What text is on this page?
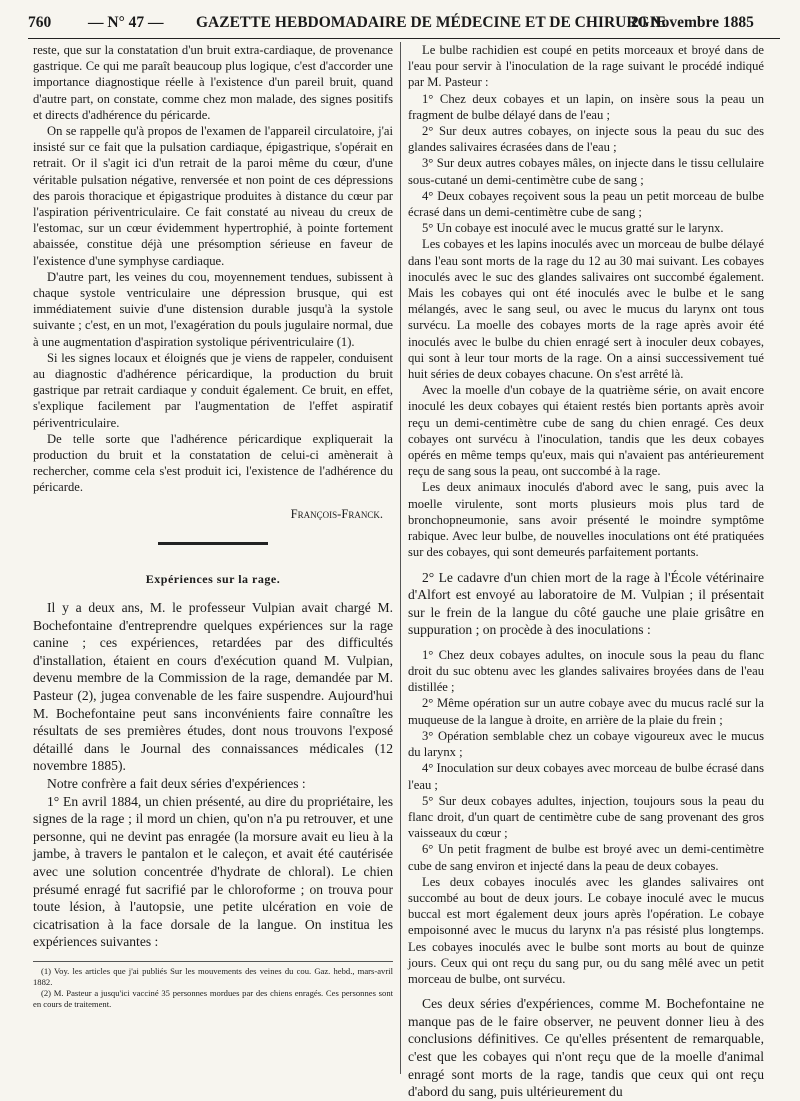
760 — N° 47 — GAZETTE HEBDOMADAIRE DE MÉDECINE ET DE CHIRURGIE
20 Novembre 1885

reste, que sur la constatation d'un bruit extra-cardiaque, de provenance gastrique. Ce qui me paraît beaucoup plus logique, c'est d'accorder une importance diagnostique réelle à l'existence d'un pareil bruit, quand d'autre part, on constate, comme chez mon malade, des signes positifs et directs d'adhérence du péricarde.

On se rappelle qu'à propos de l'examen de l'appareil circulatoire, j'ai insisté sur ce fait que la pulsation cardiaque, épigastrique, s'opérait en retrait. Or il s'agit ici d'un retrait de la paroi même du cœur, d'une véritable pulsation négative, renversée et non point de ces dépressions des parois thoracique et épigastrique produites à distance du cœur par l'aspiration périventriculaire. Ce fait constaté au niveau du creux de l'estomac, sur un cœur évidemment hypertrophié, à pointe fortement abaissée, constitue déjà une présomption sérieuse en faveur de l'existence d'une symphyse cardiaque.

D'autre part, les veines du cou, moyennement tendues, subissent à chaque systole ventriculaire une dépression brusque, qui est immédiatement suivie d'une distension durable jusqu'à la systole suivante ; c'est, en un mot, l'exagération du pouls jugulaire normal, due à une augmentation d'aspiration systolique périventriculaire (1).

Si les signes locaux et éloignés que je viens de rappeler, conduisent au diagnostic d'adhérence péricardique, la production du bruit gastrique par retrait cardiaque y conduit également. Ce bruit, en effet, s'explique facilement par l'augmentation de l'effet aspiratif périventriculaire.

De telle sorte que l'adhérence péricardique expliquerait la production du bruit et la constatation de celui-ci amènerait à rechercher, comme cela s'est produit ici, l'existence de l'adhérence du péricarde.

François-Franck.

Expériences sur la rage.

Il y a deux ans, M. le professeur Vulpian avait chargé M. Bochefontaine d'entreprendre quelques expériences sur la rage canine ; ces expériences, retardées par des difficultés d'installation, étaient en cours d'exécution quand M. Vulpian, devenu membre de la Commission de la rage, demandée par M. Pasteur (2), jugea convenable de les faire suspendre. Aujourd'hui M. Bochefontaine peut sans inconvénients faire connaître les résultats de ses premières études, dont nous trouvons l'exposé détaillé dans le Journal des connaissances médicales (12 novembre 1885).

Notre confrère a fait deux séries d'expériences :

1° En avril 1884, un chien présenté, au dire du propriétaire, les signes de la rage ; il mord un chien, qu'on n'a pu retrouver, et une personne, qui ne devint pas enragée (la morsure avait eu lieu à la jambe, à travers le pantalon et le caleçon, et avait été cautérisée avec une solution concentrée d'hydrate de chloral). Le chien présumé enragé fut sacrifié par le chloroforme ; on trouva pour toute lésion, à l'autopsie, une petite ulcération en voie de cicatrisation à la face dorsale de la langue. On institua les expériences suivantes :

(1) Voy. les articles que j'ai publiés Sur les mouvements des veines du cou. Gaz. hebd., mars-avril 1882.

(2) M. Pasteur a jusqu'ici vacciné 35 personnes mordues par des chiens enragés. Ces personnes sont en cours de traitement.

Le bulbe rachidien est coupé en petits morceaux et broyé dans de l'eau pour servir à l'inoculation de la rage suivant le procédé indiqué par M. Pasteur :

1° Chez deux cobayes et un lapin, on insère sous la peau un fragment de bulbe délayé dans de l'eau ;

2° Sur deux autres cobayes, on injecte sous la peau du suc des glandes salivaires écrasées dans de l'eau ;

3° Sur deux autres cobayes mâles, on injecte dans le tissu cellulaire sous-cutané un demi-centimètre cube de sang ;

4° Deux cobayes reçoivent sous la peau un petit morceau de bulbe écrasé dans un demi-centimètre cube de sang ;

5° Un cobaye est inoculé avec le mucus gratté sur le larynx.

Les cobayes et les lapins inoculés avec un morceau de bulbe délayé dans l'eau sont morts de la rage du 12 au 30 mai suivant. Les cobayes inoculés avec le suc des glandes salivaires ont succombé également. Mais les cobayes qui ont été inoculés avec le bulbe et le sang mélangés, avec le sang seul, ou avec le mucus du larynx ont tous survécu. La moelle des cobayes morts de la rage après avoir été inoculés avec le bulbe du chien enragé sert à inoculer deux cobayes, qui sont à leur tour morts de la rage. On a ainsi successivement tué huit séries de deux cobayes chacune. On s'est arrêté là.

Avec la moelle d'un cobaye de la quatrième série, on avait encore inoculé les deux cobayes qui étaient restés bien portants après avoir reçu un demi-centimètre cube de sang du chien enragé. Ces deux cobayes ont survécu à l'inoculation, tandis que les deux cobayes opérés en même temps qu'eux, mais qui n'avaient pas antérieurement reçu de sang sous la peau, ont succombé à la rage.

Les deux animaux inoculés d'abord avec le sang, puis avec la moelle virulente, sont morts plusieurs mois plus tard de bronchopneumonie, sans avoir présenté le moindre symptôme rabique. Avec leur bulbe, de nouvelles inoculations ont été pratiquées sur des cobayes, qui sont demeurés parfaitement portants.

2° Le cadavre d'un chien mort de la rage à l'École vétérinaire d'Alfort est envoyé au laboratoire de M. Vulpian ; il présentait sur le frein de la langue du côté gauche une plaie grisâtre en suppuration ; on procède à des inoculations :

1° Chez deux cobayes adultes, on inocule sous la peau du flanc droit du suc obtenu avec les glandes salivaires broyées dans de l'eau distillée ;

2° Même opération sur un autre cobaye avec du mucus raclé sur la muqueuse de la langue à droite, en arrière de la plaie du frein ;

3° Opération semblable chez un cobaye vigoureux avec le mucus du larynx ;

4° Inoculation sur deux cobayes avec morceau de bulbe écrasé dans l'eau ;

5° Sur deux cobayes adultes, injection, toujours sous la peau du flanc droit, d'un quart de centimètre cube de sang provenant des gros vaisseaux du cœur ;

6° Un petit fragment de bulbe est broyé avec un demi-centimètre cube de sang environ et injecté dans la peau de deux cobayes.

Les deux cobayes inoculés avec les glandes salivaires ont succombé au bout de deux jours. Le cobaye inoculé avec le mucus buccal est mort également deux jours après l'opération. Le cobaye empoisonné avec le mucus du larynx n'a pas résisté plus longtemps. Les cobayes inoculés avec le bulbe sont morts au bout de quinze jours. Ceux qui ont reçu du sang pur, ou du sang mêlé avec un petit morceau de bulbe, ont survécu.

Ces deux séries d'expériences, comme M. Bochefontaine ne manque pas de le faire observer, ne peuvent donner lieu à des conclusions définitives. Ce qu'elles présentent de remarquable, c'est que les cobayes qui n'ont reçu que de la moelle d'animal enragé sont morts de la rage, tandis que ceux qui ont reçu d'abord du sang, puis ultérieurement du
